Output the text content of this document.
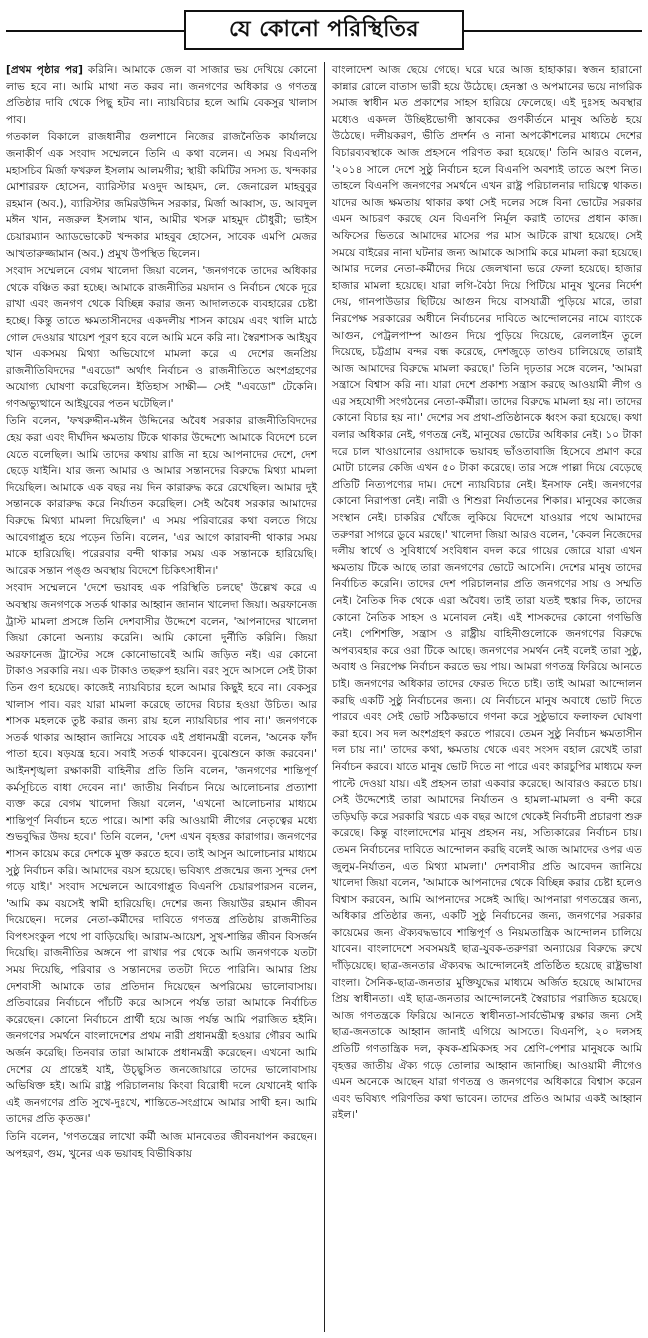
যে কোনো পরিস্থিতির

[প্রথম পৃষ্ঠার পর] করিনি। আমাকে জেল বা সাজার ভয় দেখিয়ে কোনো লাভ হবে না। আমি মাথা নত করব না। জনগণের অধিকার ও গণতন্ত্র প্রতিষ্ঠার দাবি থেকে পিছু হটব না। ন্যায়বিচার হলে আমি বেকসুর খালাস পাব।

গতকাল বিকালে রাজধানীর গুলশানে নিজের রাজনৈতিক কার্যালয়ে জনাকীর্ণ এক সংবাদ সম্মেলনে তিনি এ কথা বলেন। এ সময় বিএনপি মহাসচিব মির্জা ফখরুল ইসলাম আলমগীর; স্থায়ী কমিটির সদস্য ড. খন্দকার মোশাররফ হোসেন, ব্যারিস্টার মওদুদ আহমদ, লে. জেনারেল মাহবুবুর রহমান (অব.), ব্যারিস্টার জমিরউদ্দিন সরকার, মির্জা আব্বাস, ড. আবদুল মঈন খান, নজরুল ইসলাম খান, আমীর খসরু মাহমুদ চৌধুরী; ভাইস চেয়ারম্যান অ্যাডভোকেট খন্দকার মাহবুব হোসেন, সাবেক এমপি মেজর আখতারুজ্জামান (অব.) প্রমুখ উপস্থিত ছিলেন।

সংবাদ সম্মেলনে বেগম খালেদা জিয়া বলেন, 'জনগণকে তাদের অধিকার থেকে বঞ্চিত করা হচ্ছে। আমাকে রাজনীতির ময়দান ও নির্বাচন থেকে দূরে রাখা এবং জনগণ থেকে বিচ্ছিন্ন করার জন্য আদালতকে ব্যবহারের চেষ্টা হচ্ছে। কিন্তু তাতে ক্ষমতাসীনদের একদলীয় শাসন কায়েম এবং খালি মাঠে গোল দেওয়ার খায়েশ পূরণ হবে বলে আমি মনে করি না। স্বৈরশাসক আইয়ুব খান একসময় মিথ্যা অভিযোগে মামলা করে এ দেশের জনপ্রিয় রাজনীতিবিদদের "এবডো" অর্থাৎ নির্বাচন ও রাজনীতিতে অংশগ্রহণের অযোগ্য ঘোষণা করেছিলেন। ইতিহাস সাক্ষী— সেই "এবডো" টেকেনি। গণঅভ্যুত্থানে আইয়ুবের পতন ঘটেছিল।'

তিনি বলেন, 'ফখরুদ্দীন-মঈন উদ্দিনের অবৈধ সরকার রাজনীতিবিদদের হেয় করা এবং দীর্ঘদিন ক্ষমতায় টিকে থাকার উদ্দেশ্যে আমাকে বিদেশে চলে যেতে বলেছিল। আমি তাদের কথায় রাজি না হয়ে আপনাদের দেশে, দেশ ছেড়ে যাইনি। যার জন্য আমার ও আমার সন্তানদের বিরুদ্ধে মিথ্যা মামলা দিয়েছিল। আমাকে এক বছর নয় দিন কারারুদ্ধ করে রেখেছিল। আমার দুই সন্তানকে কারারুদ্ধ করে নির্যাতন করেছিল। সেই অবৈধ সরকার আমাদের বিরুদ্ধে মিথ্যা মামলা দিয়েছিল।' এ সময় পরিবারের কথা বলতে গিয়ে আবেগাপ্লুত হয়ে পড়েন তিনি। বলেন, 'এর আগে কারাবন্দী থাকার সময় মাকে হারিয়েছি। পরেরবার বন্দী থাকার সময় এক সন্তানকে হারিয়েছি। আরেক সন্তান পঙ্গু অবস্থায় বিদেশে চিকিৎসাধীন।'

সংবাদ সম্মেলনে 'দেশে ভয়াবহ এক পরিস্থিতি চলছে' উল্লেখ করে এ অবস্থায় জনগণকে সতর্ক থাকার আহ্বান জানান খালেদা জিয়া। অরফানেজ ট্রাস্ট মামলা প্রসঙ্গে তিনি দেশবাসীর উদ্দেশে বলেন, 'আপনাদের খালেদা জিয়া কোনো অন্যায় করেনি। আমি কোনো দুর্নীতি করিনি। জিয়া অরফানেজ ট্রাস্টের সঙ্গে কোনোভাবেই আমি জড়িত নই। এর কোনো টাকাও সরকারি নয়। এক টাকাও তছরুপ হয়নি। বরং সুদে আসলে সেই টাকা তিন গুণ হয়েছে। কাজেই ন্যায়বিচার হলে আমার কিছুই হবে না। বেকসুর খালাস পাব। বরং যারা মামলা করেছে তাদের বিচার হওয়া উচিত। আর শাসক মহলকে তুষ্ট করার জন্য রায় হলে ন্যায়বিচার পাব না।' জনগণকে সতর্ক থাকার আহ্বান জানিয়ে সাবেক এই প্রধানমন্ত্রী বলেন, 'অনেক ফাঁদ পাতা হবে। ষড়যন্ত্র হবে। সবাই সতর্ক থাকবেন। বুঝেশুনে কাজ করবেন।' আইনশৃঙ্খলা রক্ষাকারী বাহিনীর প্রতি তিনি বলেন, 'জনগণের শান্তিপূর্ণ কর্মসূচিতে বাধা দেবেন না।' জাতীয় নির্বাচন নিয়ে আলোচনার প্রত্যাশা ব্যক্ত করে বেগম খালেদা জিয়া বলেন, 'এখনো আলোচনার মাধ্যমে শান্তিপূর্ণ নির্বাচন হতে পারে। আশা করি আওয়ামী লীগের নেতৃত্বের মধ্যে শুভবুদ্ধির উদয় হবে।' তিনি বলেন, 'দেশ এখন বৃহত্তর কারাগার। জনগণের শাসন কায়েম করে দেশকে মুক্ত করতে হবে। তাই আসুন আলোচনার মাধ্যমে সুষ্ঠু নির্বাচন করি। আমাদের বয়স হয়েছে। ভবিষ্যৎ প্রজন্মের জন্য সুন্দর দেশ গড়ে যাই।' সংবাদ সম্মেলনে আবেগাপ্লুত বিএনপি চেয়ারপারসন বলেন, 'আমি কম বয়সেই স্বামী হারিয়েছি। দেশের জন্য জিয়াউর রহমান জীবন দিয়েছেন। দলের নেতা-কর্মীদের দাবিতে গণতন্ত্র প্রতিষ্ঠায় রাজনীতির বিপৎসংকুল পথে পা বাড়িয়েছি। আরাম-আয়েশ, সুখ-শান্তির জীবন বিসর্জন দিয়েছি। রাজনীতির অঙ্গনে পা রাখার পর থেকে আমি জনগণকে যতটা সময় দিয়েছি, পরিবার ও সন্তানদের ততটা দিতে পারিনি। আমার প্রিয় দেশবাসী আমাকে তার প্রতিদান দিয়েছেন অপরিমেয় ভালোবাসায়। প্রতিবারের নির্বাচনে পাঁচটি করে আসনে পর্যন্ত তারা আমাকে নির্বাচিত করেছেন। কোনো নির্বাচনে প্রার্থী হয়ে আজ পর্যন্ত আমি পরাজিত হইনি। জনগণের সমর্থনে বাংলাদেশের প্রথম নারী প্রধানমন্ত্রী হওয়ার গৌরব আমি অর্জন করেছি। তিনবার তারা আমাকে প্রধানমন্ত্রী করেছেন। এখনো আমি দেশের যে প্রান্তেই যাই, উচ্ছ্বসিত জনজোয়ারে তাদের ভালোবাসায় অভিষিক্ত হই। আমি রাষ্ট্র পরিচালনায় কিংবা বিরোধী দলে যেখানেই থাকি এই জনগণের প্রতি সুখে-দুঃখে, শান্তিতে-সংগ্রামে আমার সাথী হন। আমি তাদের প্রতি কৃতজ্ঞ।'

তিনি বলেন, 'গণতন্ত্রের লাখো কর্মী আজ মানবেতর জীবনযাপন করছেন। অপহরণ, গুম, খুনের এক ভয়াবহ বিভীষিকায়

বাংলাদেশ আজ ছেয়ে গেছে। ঘরে ঘরে আজ হাহাকার। স্বজন হারানো কান্নার রোলে বাতাস ভারী হয়ে উঠেছে। হেনস্তা ও অপমানের ভয়ে নাগরিক সমাজ স্বাধীন মত প্রকাশের সাহস হারিয়ে ফেলেছে। এই দুঃসহ অবস্থার মধ্যেও একদল উচ্ছিষ্টভোগী স্তাবকের গুণকীর্তনে মানুষ অতিষ্ঠ হয়ে উঠেছে। দলীয়করণ, ভীতি প্রদর্শন ও নানা অপকৌশলের মাধ্যমে দেশের বিচারব্যবস্থাকে আজ প্রহসনে পরিণত করা হয়েছে।' তিনি আরও বলেন, '২০১৪ সালে দেশে সুষ্ঠু নির্বাচন হলে বিএনপি অবশ্যই তাতে অংশ নিত। তাহলে বিএনপি জনগণের সমর্থনে এখন রাষ্ট্র পরিচালনার দায়িত্বে থাকত। যাদের আজ ক্ষমতায় থাকার কথা সেই দলের সঙ্গে বিনা ভোটের সরকার এমন আচরণ করছে যেন বিএনপি নির্মূল করাই তাদের প্রধান কাজ। অফিসের ভিতরে আমাদের মাসের পর মাস আটকে রাখা হয়েছে। সেই সময়ে বাইরের নানা ঘটনার জন্য আমাকে আসামি করে মামলা করা হয়েছে। আমার দলের নেতা-কর্মীদের দিয়ে জেলখানা ভরে ফেলা হয়েছে। হাজার হাজার মামলা হয়েছে। যারা লগি-বৈঠা দিয়ে পিটিয়ে মানুষ খুনের নির্দেশ দেয়, গানপাউডার ছিটিয়ে আগুন দিয়ে বাসযাত্রী পুড়িয়ে মারে, তারা নিরপেক্ষ সরকারের অধীনে নির্বাচনের দাবিতে আন্দোলনের নামে ব্যাংকে আগুন, পেট্রলপাম্প আগুন দিয়ে পুড়িয়ে দিয়েছে, রেললাইন তুলে দিয়েছে, চট্টগ্রাম বন্দর বন্ধ করেছে, দেশজুড়ে তাণ্ডব চালিয়েছে তারাই আজ আমাদের বিরুদ্ধে মামলা করছে।' তিনি দৃঢ়তার সঙ্গে বলেন, 'আমরা সন্ত্রাসে বিশ্বাস করি না। যারা দেশে প্রকাশ্য সন্ত্রাস করছে আওয়ামী লীগ ও এর সহযোগী সংগঠনের নেতা-কর্মীরা। তাদের বিরুদ্ধে মামলা হয় না। তাদের কোনো বিচার হয় না।' দেশের সব প্রথা-প্রতিষ্ঠানকে ধ্বংস করা হয়েছে। কথা বলার অধিকার নেই, গণতন্ত্র নেই, মানুষের ভোটের অধিকার নেই। ১০ টাকা দরে চাল খাওয়ানোর ওয়াদাকে ভয়াবহ ভাঁওতাবাজি হিসেবে প্রমাণ করে মোটা চালের কেজি এখন ৫০ টাকা করেছে। তার সঙ্গে পাল্লা দিয়ে বেড়েছে প্রতিটি নিত্যপণ্যের দাম। দেশে ন্যায়বিচার নেই। ইনসাফ নেই। জনগণের কোনো নিরাপত্তা নেই। নারী ও শিশুরা নির্যাতনের শিকার। মানুষের কাজের সংস্থান নেই। চাকরির খোঁজে লুকিয়ে বিদেশে যাওয়ার পথে আমাদের তরুণরা সাগরে ডুবে মরছে।' খালেদা জিয়া আরও বলেন, 'কেবল নিজেদের দলীয় স্বার্থে ও সুবিধার্থে সংবিধান বদল করে গায়ের জোরে যারা এখন ক্ষমতায় টিকে আছে তারা জনগণের ভোটে আসেনি। দেশের মানুষ তাদের নির্বাচিত করেনি। তাদের দেশ পরিচালনার প্রতি জনগণের সায় ও সম্মতি নেই। নৈতিক দিক থেকে এরা অবৈধ। তাই তারা যতই হুঙ্কার দিক, তাদের কোনো নৈতিক সাহস ও মনোবল নেই। এই শাসকদের কোনো গণভিত্তি নেই। পেশিশক্তি, সন্ত্রাস ও রাষ্ট্রীয় বাহিনীগুলোকে জনগণের বিরুদ্ধে অপব্যবহার করে ওরা টিকে আছে। জনগণের সমর্থন নেই বলেই তারা সুষ্ঠু, অবাধ ও নিরপেক্ষ নির্বাচন করতে ভয় পায়। আমরা গণতন্ত্র ফিরিয়ে আনতে চাই। জনগণের অধিকার তাদের ফেরত দিতে চাই। তাই আমরা আন্দোলন করছি একটি সুষ্ঠু নির্বাচনের জন্য। যে নির্বাচনে মানুষ অবাধে ভোট দিতে পারবে এবং সেই ভোট সঠিকভাবে গণনা করে সুষ্ঠুভাবে ফলাফল ঘোষণা করা হবে। সব দল অংশগ্রহণ করতে পারবে। তেমন সুষ্ঠু নির্বাচন ক্ষমতাসীন দল চায় না।' তাদের কথা, ক্ষমতায় থেকে এবং সংসদ বহাল রেখেই তারা নির্বাচন করবে। যাতে মানুষ ভোট দিতে না পারে এবং কারচুপির মাধ্যমে ফল পাল্টে দেওয়া যায়। এই প্রহসন তারা একবার করেছে। আবারও করতে চায়। সেই উদ্দেশ্যেই তারা আমাদের নির্যাতন ও হামলা-মামলা ও বন্দী করে তড়িঘড়ি করে সরকারি খরচে এক বছর আগে থেকেই নির্বাচনী প্রচারণা শুরু করেছে। কিন্তু বাংলাদেশের মানুষ প্রহসন নয়, সত্যিকারের নির্বাচন চায়। তেমন নির্বাচনের দাবিতে আন্দোলন করছি বলেই আজ আমাদের ওপর এত জুলুম-নির্যাতন, এত মিথ্যা মামলা।' দেশবাসীর প্রতি আবেদন জানিয়ে খালেদা জিয়া বলেন, 'আমাকে আপনাদের থেকে বিচ্ছিন্ন করার চেষ্টা হলেও বিশ্বাস করবেন, আমি আপনাদের সঙ্গেই আছি। আপনারা গণতন্ত্রের জন্য, অধিকার প্রতিষ্ঠার জন্য, একটি সুষ্ঠু নির্বাচনের জন্য, জনগণের সরকার কায়েমের জন্য ঐক্যবদ্ধভাবে শান্তিপূর্ণ ও নিয়মতান্ত্রিক আন্দোলন চালিয়ে যাবেন। বাংলাদেশে সবসময়ই ছাত্র-যুবক-তরুণরা অন্যায়ের বিরুদ্ধে রুখে দাঁড়িয়েছে। ছাত্র-জনতার ঐক্যবদ্ধ আন্দোলনেই প্রতিষ্ঠিত হয়েছে রাষ্ট্রভাষা বাংলা। সৈনিক-ছাত্র-জনতার মুক্তিযুদ্ধের মাধ্যমে অর্জিত হয়েছে আমাদের প্রিয় স্বাধীনতা। এই ছাত্র-জনতার আন্দোলনেই স্বৈরাচার পরাজিত হয়েছে। আজ গণতন্ত্রকে ফিরিয়ে আনতে স্বাধীনতা-সার্বভৌমত্ব রক্ষার জন্য সেই ছাত্র-জনতাকে আহ্বান জানাই এগিয়ে আসতে। বিএনপি, ২০ দলসহ প্রতিটি গণতান্ত্রিক দল, কৃষক-শ্রমিকসহ সব শ্রেণি-পেশার মানুষকে আমি বৃহত্তর জাতীয় ঐক্য গড়ে তোলার আহ্বান জানাচ্ছি। আওয়ামী লীগেও এমন অনেকে আছেন যারা গণতন্ত্র ও জনগণের অধিকারে বিশ্বাস করেন এবং ভবিষ্যৎ পরিণতির কথা ভাবেন। তাদের প্রতিও আমার একই আহ্বান রইল।'
